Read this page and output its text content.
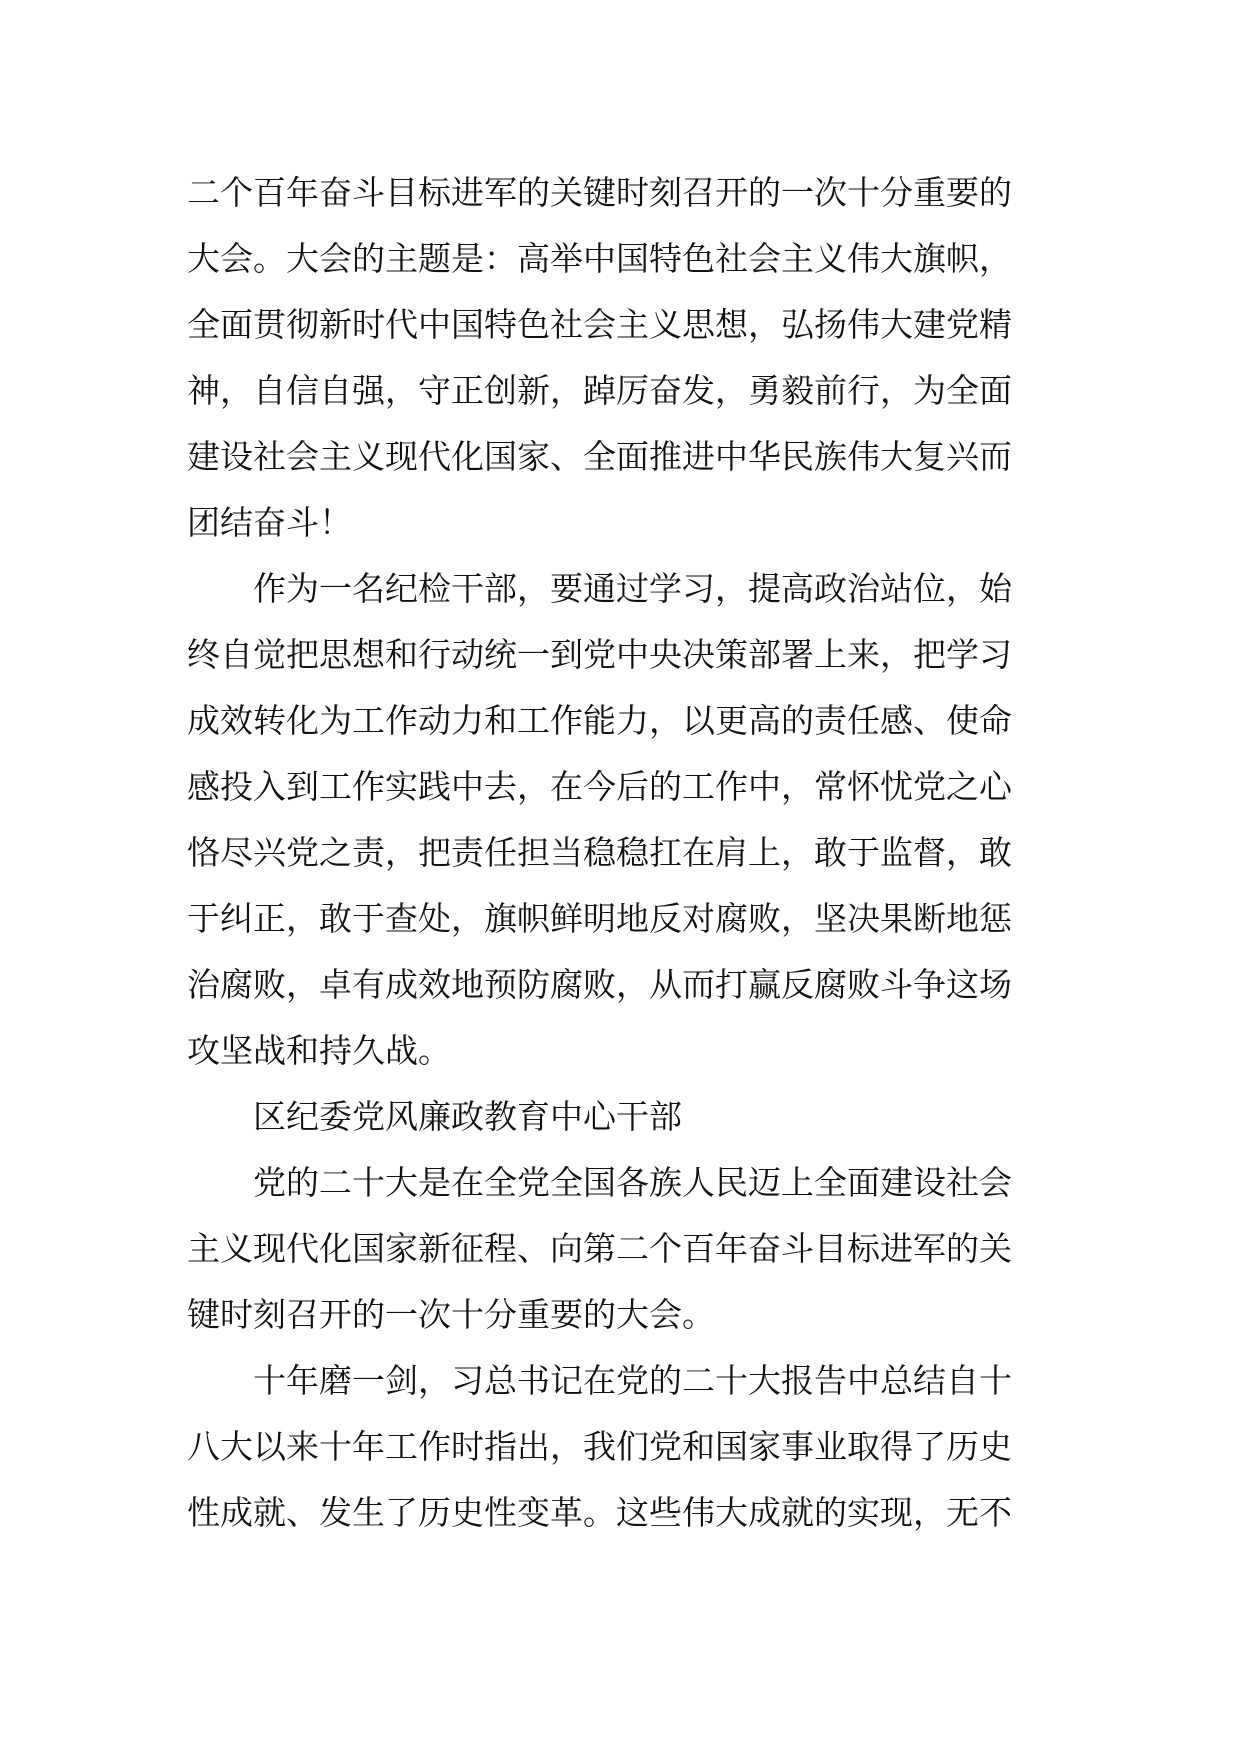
二个百年奋斗目标进军的关键时刻召开的一次十分重要的
大会。大会的主题是：高举中国特色社会主义伟大旗帜，
全面贯彻新时代中国特色社会主义思想，弘扬伟大建党精
神，自信自强，守正创新，踔厉奋发，勇毅前行，为全面
建设社会主义现代化国家、全面推进中华民族伟大复兴而
团结奋斗！
作为一名纪检干部，要通过学习，提高政治站位，始
终自觉把思想和行动统一到党中央决策部署上来，把学习
成效转化为工作动力和工作能力，以更高的责任感、使命
感投入到工作实践中去，在今后的工作中，常怀忧党之心
恪尽兴党之责，把责任担当稳稳扛在肩上，敢于监督，敢
于纠正，敢于查处，旗帜鲜明地反对腐败，坚决果断地惩
治腐败，卓有成效地预防腐败，从而打赢反腐败斗争这场
攻坚战和持久战。
区纪委党风廉政教育中心干部
党的二十大是在全党全国各族人民迈上全面建设社会
主义现代化国家新征程、向第二个百年奋斗目标进军的关
键时刻召开的一次十分重要的大会。
十年磨一剑，习总书记在党的二十大报告中总结自十
八大以来十年工作时指出，我们党和国家事业取得了历史
性成就、发生了历史性变革。这些伟大成就的实现，无不
